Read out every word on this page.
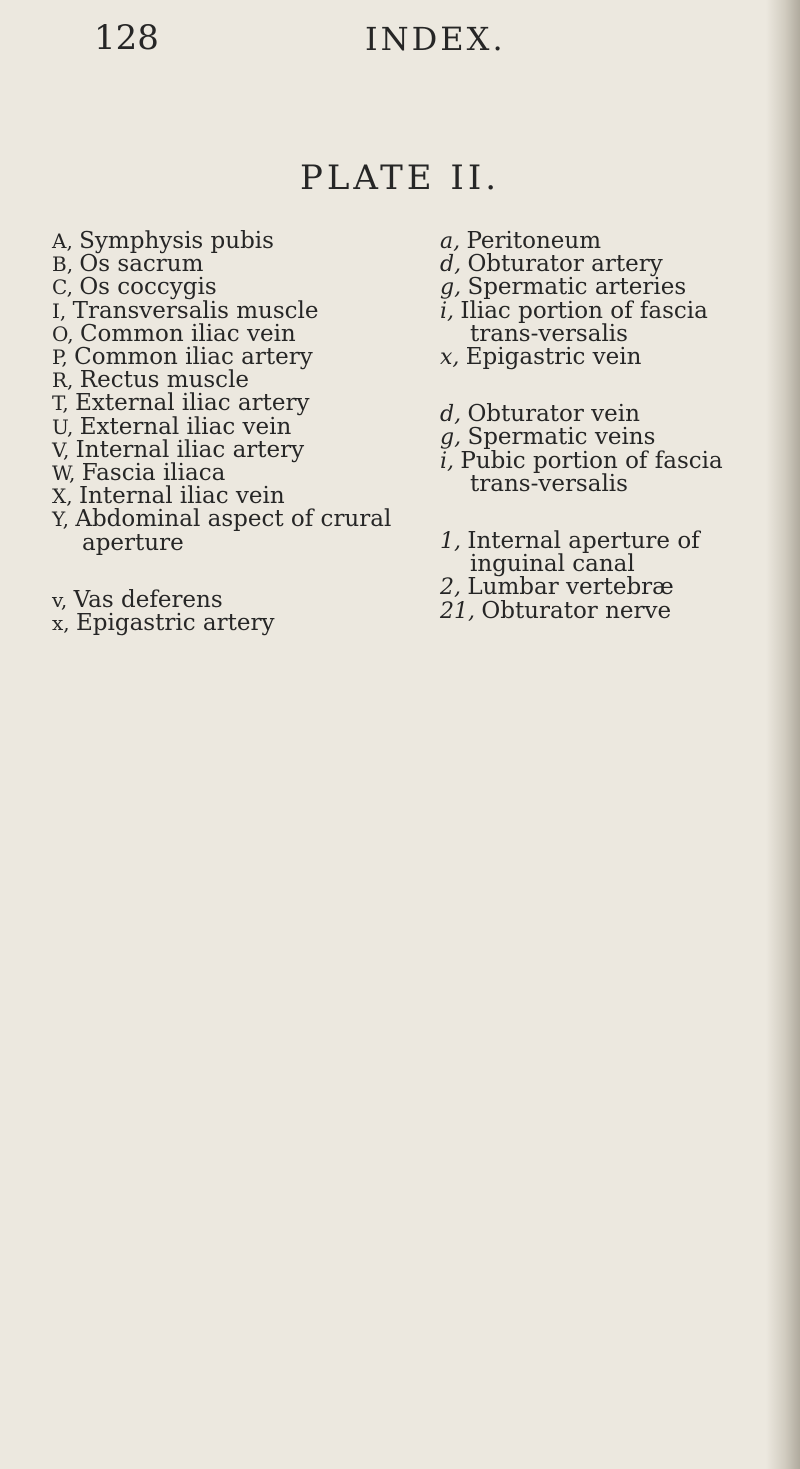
128	INDEX.
PLATE II.
A, Symphysis pubis
B, Os sacrum
C, Os coccygis
I, Transversalis muscle
O, Common iliac vein
P, Common iliac artery
R, Rectus muscle
T, External iliac artery
U, External iliac vein
V, Internal iliac artery
W, Fascia iliaca
X, Internal iliac vein
Y, Abdominal aspect of crural aperture
v, Vas deferens
x, Epigastric artery
a, Peritoneum
d, Obturator artery
g, Spermatic arteries
i, Iliac portion of fascia trans-versalis
x, Epigastric vein
d, Obturator vein
g, Spermatic veins
i, Pubic portion of fascia trans-versalis
1, Internal aperture of inguinal canal
2, Lumbar vertebræ
21, Obturator nerve
